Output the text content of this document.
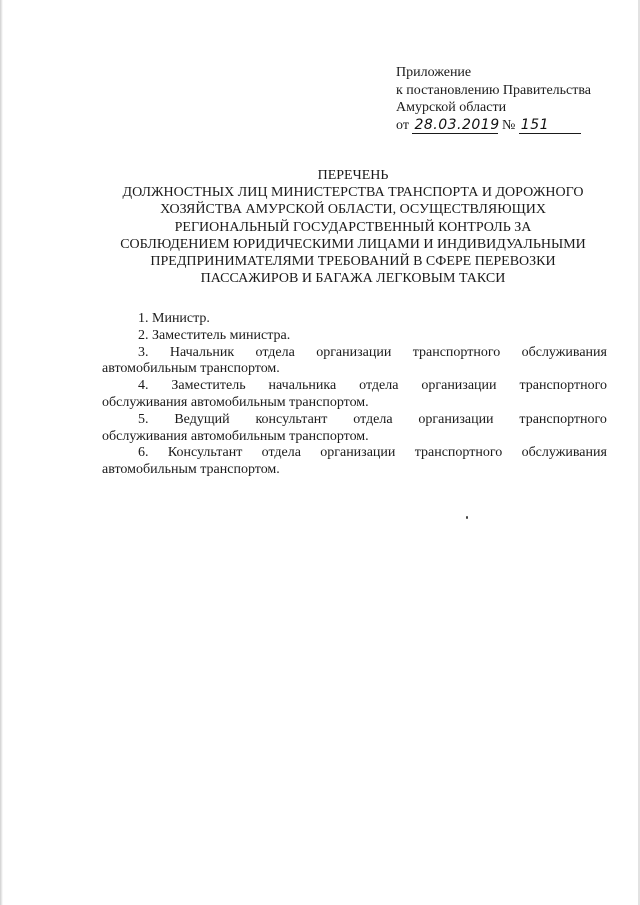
Приложение
к постановлению Правительства
Амурской области
от 28.03.2019 № 151
ПЕРЕЧЕНЬ
ДОЛЖНОСТНЫХ ЛИЦ МИНИСТЕРСТВА ТРАНСПОРТА И ДОРОЖНОГО
ХОЗЯЙСТВА АМУРСКОЙ ОБЛАСТИ, ОСУЩЕСТВЛЯЮЩИХ
РЕГИОНАЛЬНЫЙ ГОСУДАРСТВЕННЫЙ КОНТРОЛЬ ЗА
СОБЛЮДЕНИЕМ ЮРИДИЧЕСКИМИ ЛИЦАМИ И ИНДИВИДУАЛЬНЫМИ
ПРЕДПРИНИМАТЕЛЯМИ ТРЕБОВАНИЙ В СФЕРЕ ПЕРЕВОЗКИ
ПАССАЖИРОВ И БАГАЖА ЛЕГКОВЫМ ТАКСИ

1. Министр.

2. Заместитель министра.

3. Начальник отдела организации транспортного обслуживания
автомобильным транспортом.
4. Заместитель начальника отдела организации транспортного
обслуживания автомобильным транспортом.
5. Ведущий консультант отдела организации транспортного
обслуживания автомобильным транспортом.
6. Консультант отдела организации транспортного обслуживания
автомобильным транспортом.
